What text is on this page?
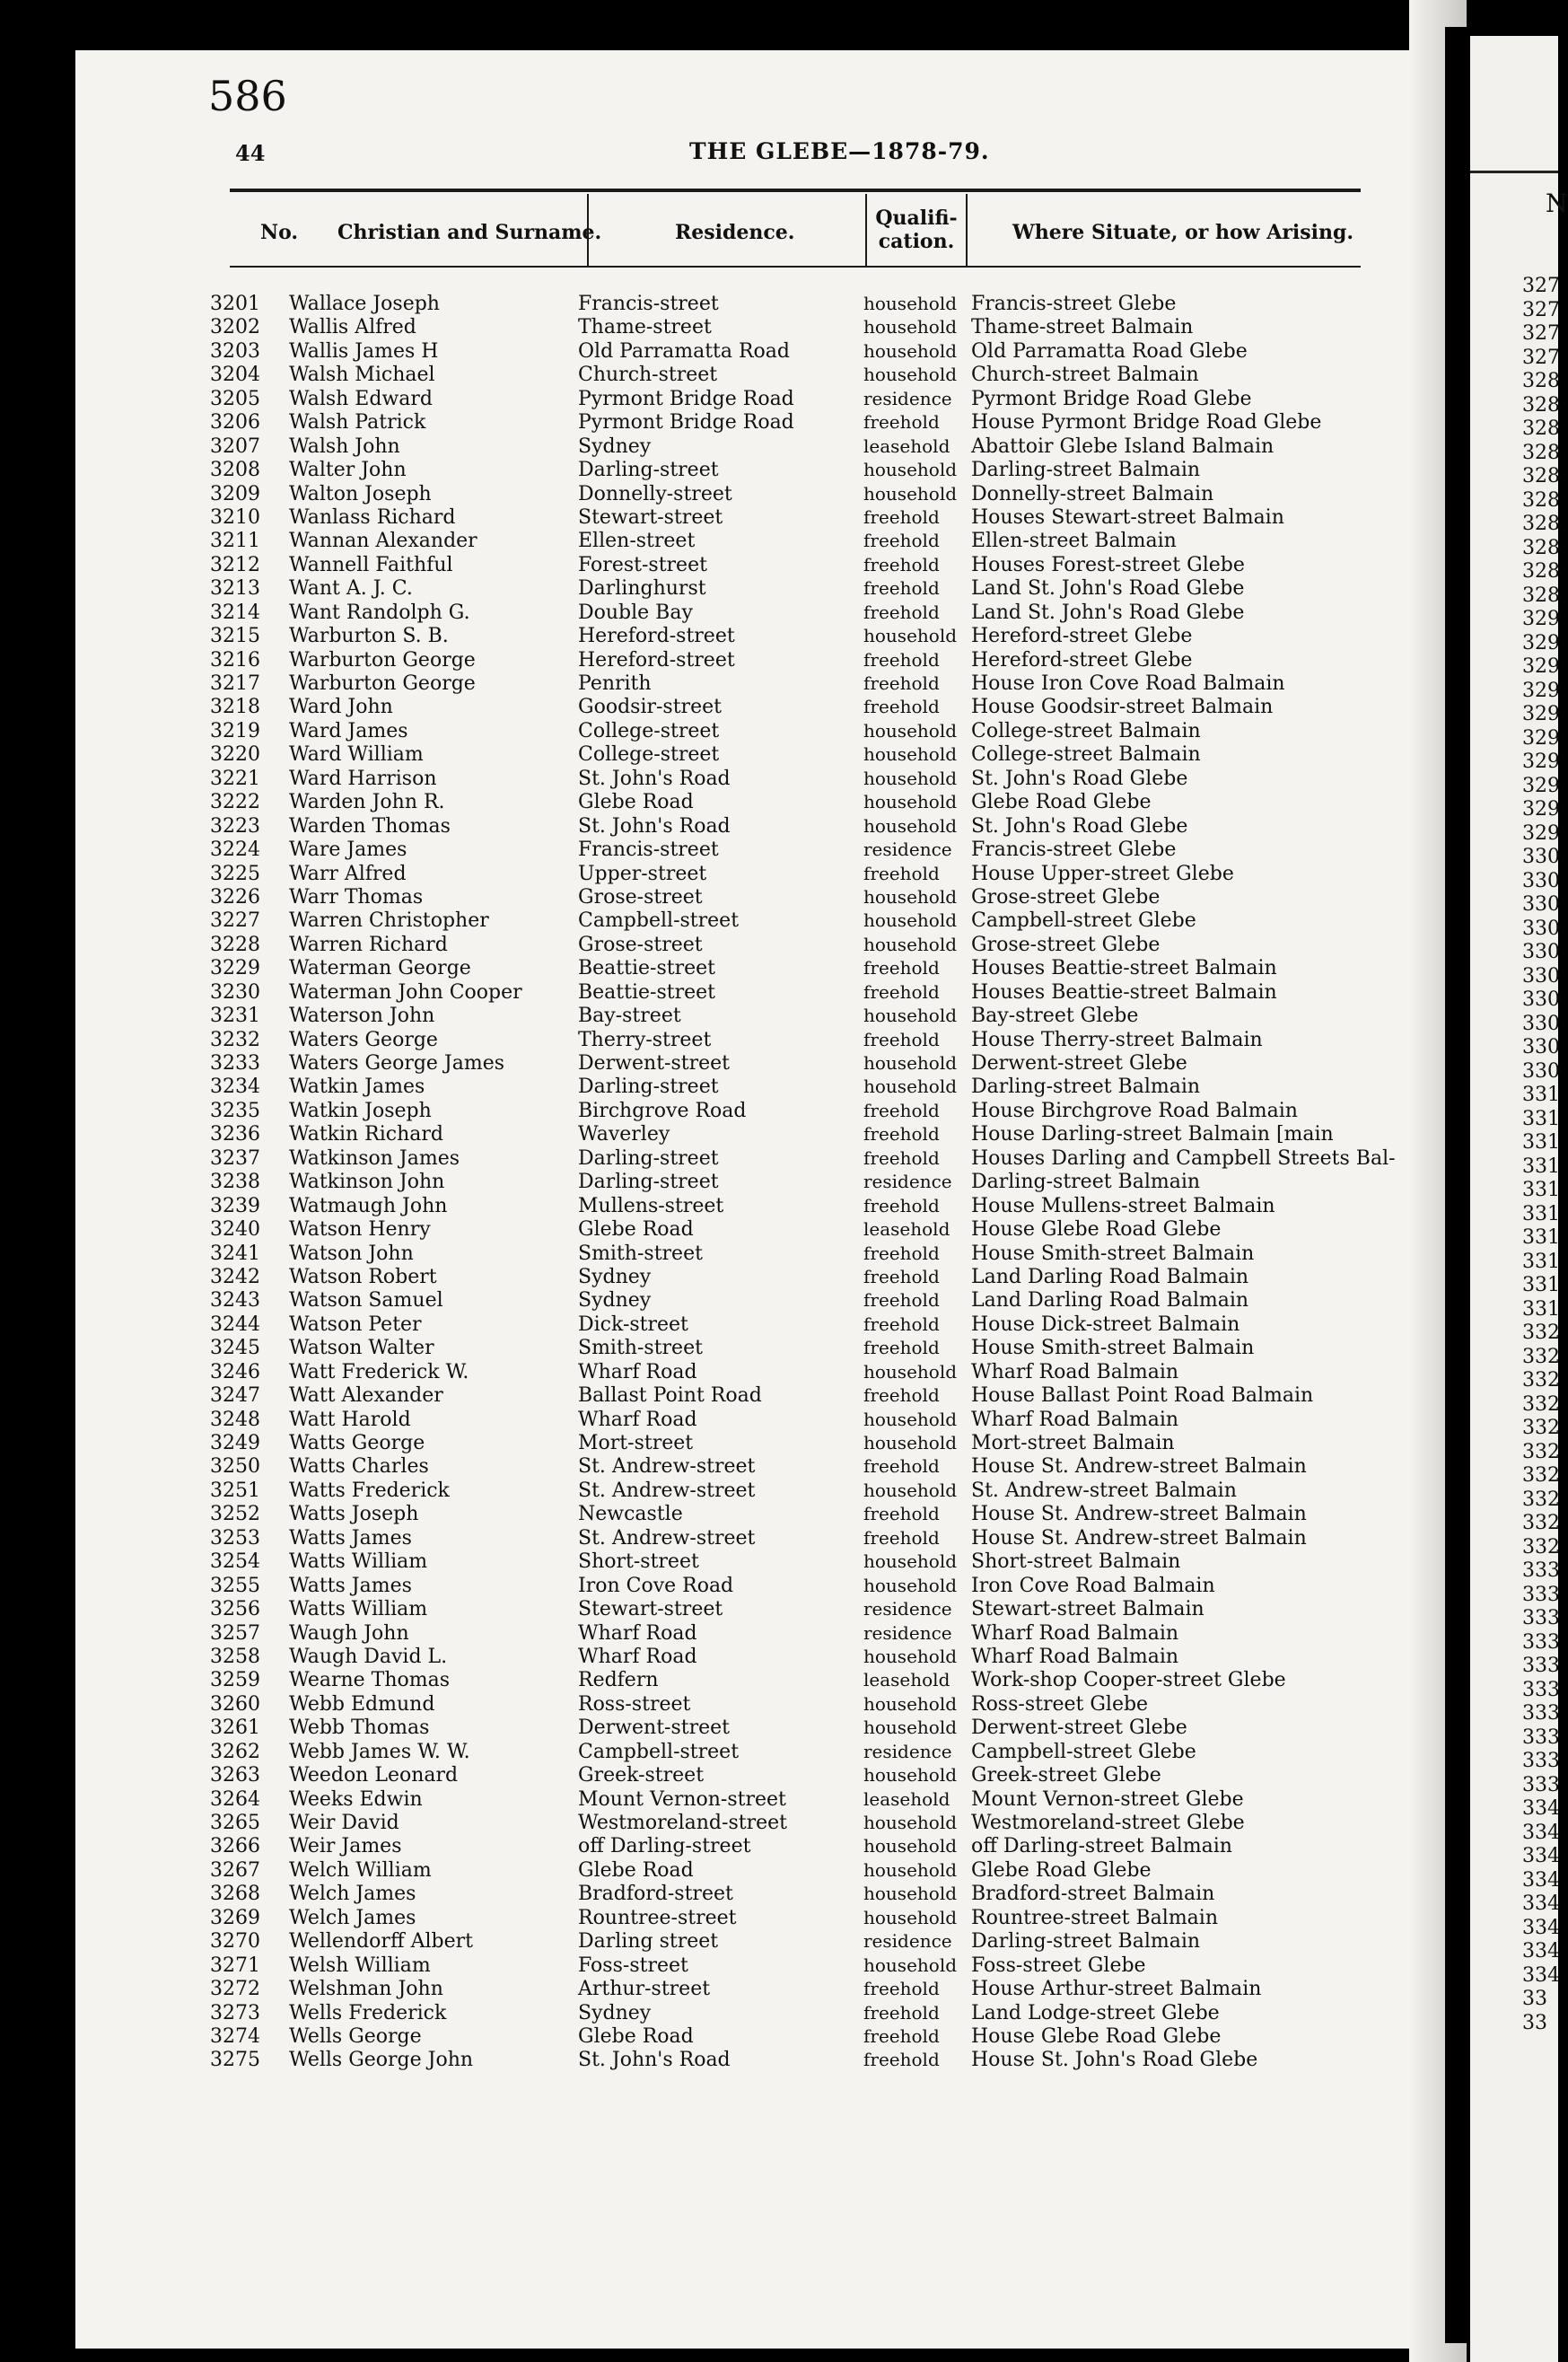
N
327
327
327
327
328
328
328
328
328
328
328
328
328
328
329
329
329
329
329
329
329
329
329
329
330
330
330
330
330
330
330
330
330
330
331
331
331
331
331
331
331
331
331
331
332
332
332
332
332
332
332
332
332
332
333
333
333
333
333
333
333
333
333
333
334
334
334
334
334
334
334
334
33
33
586
44	THE GLEBE—1878-79.
No. Christian and Surname.	Residence.
Qualifi-
cation.	Where Situate, or how Arising.
3201	Wallace Joseph	Francis-street	household Francis-street Glebe
3202	Wallis Alfred	Thame-street	household Thame-street Balmain
3203	Wallis James H	Old Parramatta Road	household Old Parramatta Road Glebe
3204	Walsh Michael	Church-street	household Church-street Balmain
3205	Walsh Edward	Pyrmont Bridge Road	residence Pyrmont Bridge Road Glebe
3206	Walsh Patrick	Pyrmont Bridge Road	freehold House Pyrmont Bridge Road Glebe
3207	Walsh John	Sydney	leasehold Abattoir Glebe Island Balmain
3208	Walter John	Darling-street	household Darling-street Balmain
3209	Walton Joseph	Donnelly-street	household Donnelly-street Balmain
3210	Wanlass Richard	Stewart-street	freehold Houses Stewart-street Balmain
3211	Wannan Alexander	Ellen-street	freehold Ellen-street Balmain
3212	Wannell Faithful	Forest-street	freehold Houses Forest-street Glebe
3213	Want A. J. C.	Darlinghurst	freehold Land St. John's Road Glebe
3214	Want Randolph G.	Double Bay	freehold Land St. John's Road Glebe
3215	Warburton S. B.	Hereford-street	household Hereford-street Glebe
3216	Warburton George	Hereford-street	freehold Hereford-street Glebe
3217	Warburton George	Penrith	freehold House Iron Cove Road Balmain
3218	Ward John	Goodsir-street	freehold House Goodsir-street Balmain
3219	Ward James	College-street	household College-street Balmain
3220	Ward William	College-street	household College-street Balmain
3221	Ward Harrison	St. John's Road	household St. John's Road Glebe
3222	Warden John R.	Glebe Road	household Glebe Road Glebe
3223	Warden Thomas	St. John's Road	household St. John's Road Glebe
3224	Ware James	Francis-street	residence Francis-street Glebe
3225	Warr Alfred	Upper-street	freehold House Upper-street Glebe
3226	Warr Thomas	Grose-street	household Grose-street Glebe
3227	Warren Christopher	Campbell-street	household Campbell-street Glebe
3228	Warren Richard	Grose-street	household Grose-street Glebe
3229	Waterman George	Beattie-street	freehold Houses Beattie-street Balmain
3230	Waterman John Cooper	Beattie-street	freehold Houses Beattie-street Balmain
3231	Waterson John	Bay-street	household Bay-street Glebe
3232	Waters George	Therry-street	freehold House Therry-street Balmain
3233	Waters George James	Derwent-street	household Derwent-street Glebe
3234	Watkin James	Darling-street	household Darling-street Balmain
3235	Watkin Joseph	Birchgrove Road	freehold House Birchgrove Road Balmain
3236	Watkin Richard	Waverley	freehold House Darling-street Balmain [main
3237	Watkinson James	Darling-street	freehold Houses Darling and Campbell Streets Bal-
3238	Watkinson John	Darling-street	residence Darling-street Balmain
3239	Watmaugh John	Mullens-street	freehold House Mullens-street Balmain
3240	Watson Henry	Glebe Road	leasehold House Glebe Road Glebe
3241	Watson John	Smith-street	freehold House Smith-street Balmain
3242	Watson Robert	Sydney	freehold Land Darling Road Balmain
3243	Watson Samuel	Sydney	freehold Land Darling Road Balmain
3244	Watson Peter	Dick-street	freehold House Dick-street Balmain
3245	Watson Walter	Smith-street	freehold House Smith-street Balmain
3246	Watt Frederick W.	Wharf Road	household Wharf Road Balmain
3247	Watt Alexander	Ballast Point Road	freehold House Ballast Point Road Balmain
3248	Watt Harold	Wharf Road	household Wharf Road Balmain
3249	Watts George	Mort-street	household Mort-street Balmain
3250	Watts Charles	St. Andrew-street	freehold House St. Andrew-street Balmain
3251	Watts Frederick	St. Andrew-street	household St. Andrew-street Balmain
3252	Watts Joseph	Newcastle	freehold House St. Andrew-street Balmain
3253	Watts James	St. Andrew-street	freehold House St. Andrew-street Balmain
3254	Watts William	Short-street	household Short-street Balmain
3255	Watts James	Iron Cove Road	household Iron Cove Road Balmain
3256	Watts William	Stewart-street	residence Stewart-street Balmain
3257	Waugh John	Wharf Road	residence Wharf Road Balmain
3258	Waugh David L.	Wharf Road	household Wharf Road Balmain
3259	Wearne Thomas	Redfern	leasehold Work-shop Cooper-street Glebe
3260	Webb Edmund	Ross-street	household Ross-street Glebe
3261	Webb Thomas	Derwent-street	household Derwent-street Glebe
3262	Webb James W. W.	Campbell-street	residence Campbell-street Glebe
3263	Weedon Leonard	Greek-street	household Greek-street Glebe
3264	Weeks Edwin	Mount Vernon-street	leasehold Mount Vernon-street Glebe
3265	Weir David	Westmoreland-street	household Westmoreland-street Glebe
3266	Weir James	off Darling-street	household off Darling-street Balmain
3267	Welch William	Glebe Road	household Glebe Road Glebe
3268	Welch James	Bradford-street	household Bradford-street Balmain
3269	Welch James	Rountree-street	household Rountree-street Balmain
3270	Wellendorff Albert	Darling street	residence Darling-street Balmain
3271	Welsh William	Foss-street	household Foss-street Glebe
3272	Welshman John	Arthur-street	freehold House Arthur-street Balmain
3273	Wells Frederick	Sydney	freehold Land Lodge-street Glebe
3274	Wells George	Glebe Road	freehold House Glebe Road Glebe
3275	Wells George John	St. John's Road	freehold House St. John's Road Glebe
